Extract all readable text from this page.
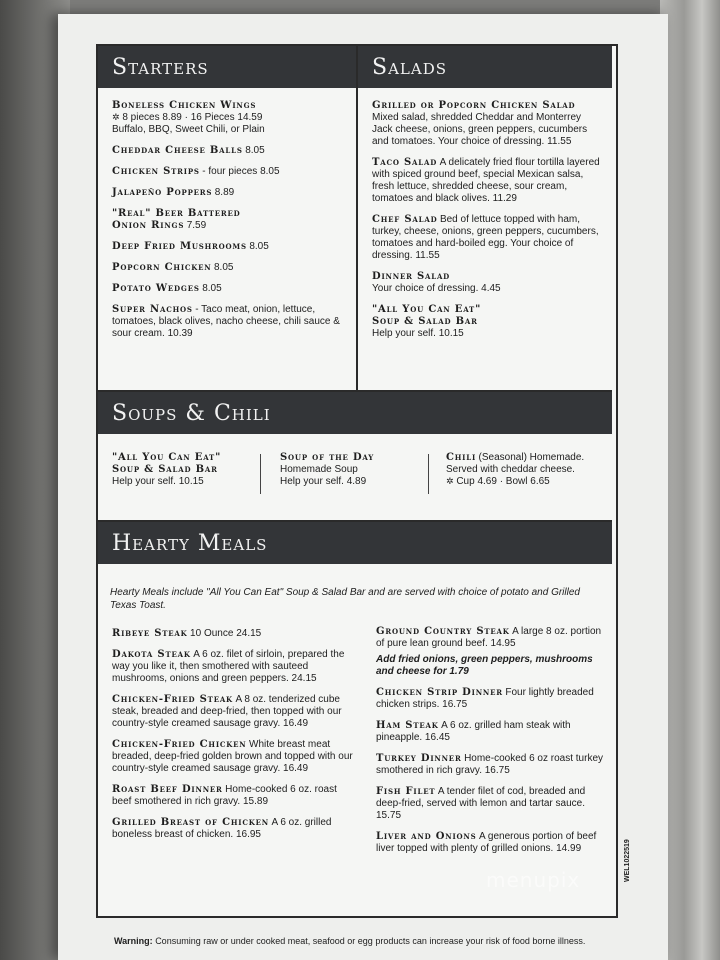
Starters	Salads
Boneless Chicken Wings
✲ 8 pieces 8.89 · 16 Pieces 14.59
Buffalo, BBQ, Sweet Chili, or Plain
Cheddar Cheese Balls 8.05
Chicken Strips - four pieces 8.05
Jalapeño Poppers 8.89
"Real" Beer Battered Onion Rings 7.59
Deep Fried Mushrooms 8.05
Popcorn Chicken 8.05
Potato Wedges 8.05
Super Nachos - Taco meat, onion, lettuce, tomatoes, black olives, nacho cheese, chili sauce & sour cream. 10.39
Grilled or Popcorn Chicken Salad Mixed salad, shredded Cheddar and Monterrey Jack cheese, onions, green peppers, cucumbers and tomatoes. Your choice of dressing. 11.55
Taco Salad A delicately fried flour tortilla layered with spiced ground beef, special Mexican salsa, fresh lettuce, shredded cheese, sour cream, tomatoes and black olives. 11.29
Chef Salad Bed of lettuce topped with ham, turkey, cheese, onions, green peppers, cucumbers, tomatoes and hard-boiled egg. Your choice of dressing. 11.55
Dinner Salad
Your choice of dressing. 4.45
"All You Can Eat" Soup & Salad Bar
Help your self. 10.15
Soups & Chili
"All You Can Eat" Soup & Salad Bar
Help your self. 10.15
Soup of the Day
Homemade Soup
Help your self. 4.89
Chili (Seasonal) Homemade.
Served with cheddar cheese.
✲ Cup 4.69 · Bowl 6.65
Hearty Meals
Hearty Meals include "All You Can Eat" Soup & Salad Bar and are served with choice of potato and Grilled Texas Toast.
Ribeye Steak 10 Ounce 24.15
Dakota Steak A 6 oz. filet of sirloin, prepared the way you like it, then smothered with sauteed mushrooms, onions and green peppers. 24.15
Chicken-Fried Steak A 8 oz. tenderized cube steak, breaded and deep-fried, then topped with our country-style creamed sausage gravy. 16.49
Chicken-Fried Chicken White breast meat breaded, deep-fried golden brown and topped with our country-style creamed sausage gravy. 16.49
Roast Beef Dinner Home-cooked 6 oz. roast beef smothered in rich gravy. 15.89
Grilled Breast of Chicken A 6 oz. grilled boneless breast of chicken. 16.95
Ground Country Steak A large 8 oz. portion of pure lean ground beef. 14.95
Add fried onions, green peppers, mushrooms and cheese for 1.79
Chicken Strip Dinner Four lightly breaded chicken strips. 16.75
Ham Steak A 6 oz. grilled ham steak with pineapple. 16.45
Turkey Dinner Home-cooked 6 oz roast turkey smothered in rich gravy. 16.75
Fish Filet A tender filet of cod, breaded and deep-fried, served with lemon and tartar sauce. 15.75
Liver and Onions A generous portion of beef liver topped with plenty of grilled onions. 14.99
menupix	WEL1022519
Warning: Consuming raw or under cooked meat, seafood or egg products can increase your risk of food borne illness.
